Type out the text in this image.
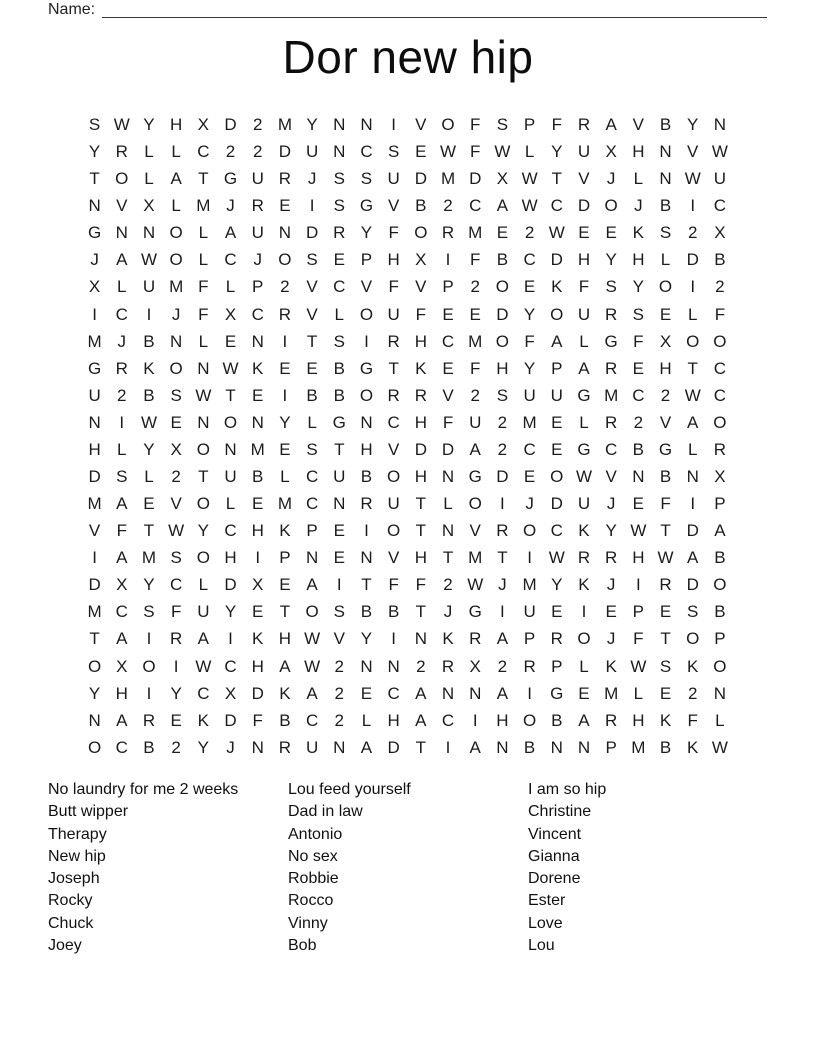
Name:
Dor new hip
S W Y H X D 2 M Y N N	I	V O F S P F R A V B Y N
Y R L	L C 2	2 D U N C S E W F W L Y U X H N V W
T O L A T G U R J	S S U D M D X W T V	J	L N W U
N V X L M J R E	I	S G V B 2 C A W C D O J	B	I	C
G N N O L A U N D R Y F O R M E 2 W E E K S 2 X
J	A W O L C J O S E P H X	I	F B C D H Y H L D B
X L U M F	L P 2 V C V F V P 2 O E K F S Y O	I	2
I	C	I	J	F X C R V L O U F E E D Y O U R S E L	F
M J	B N L E N	I	T S	I	R H C M O F A L G F X O O
G R K O N W K E E B G T K E F H Y P A R E H T C
U 2 B S W T E	I	B B O R R V 2 S U U G M C 2 W C
N	I W E N O N Y L G N C H F U 2 M E L R 2 V A O
H L Y X O N M E S T H V D D A 2 C E G C B G L R
D S L	2	T U B L C U B O H N G D E O W V N B N X
M A E V O L E M C N R U T	L O	I	J D U J	E F	I	P
V F T W Y C H K P E	I	O T N V R O C K Y W T D A
I	A M S O H	I	P N E N V H T M T	I W R R H W A B
D X Y C L D X E A	I	T F F	2 W J M Y K	J	I	R D O
M C S F U Y E T O S B B T	J G	I	U E	I	E P E S B
T A	I	R A	I	K H W V Y	I	N K R A P R O J	F T O P
O X O	I W C H A W 2 N N 2 R X 2 R P L K W S K O
Y H	I	Y C X D K A 2 E C A N N A	I	G E M L E 2 N
N A R E K D F B C 2	L H A C	I	H O B A R H K F	L
O C B 2 Y	J N R U N A D T	I	A N B N N P M B K W
No laundry for me 2 weeks
Butt wipper
Therapy
New hip
Joseph
Rocky
Chuck
Joey
Lou feed yourself
Dad in law
Antonio
No sex
Robbie
Rocco
Vinny
Bob
I am so hip
Christine
Vincent
Gianna
Dorene
Ester
Love
Lou
